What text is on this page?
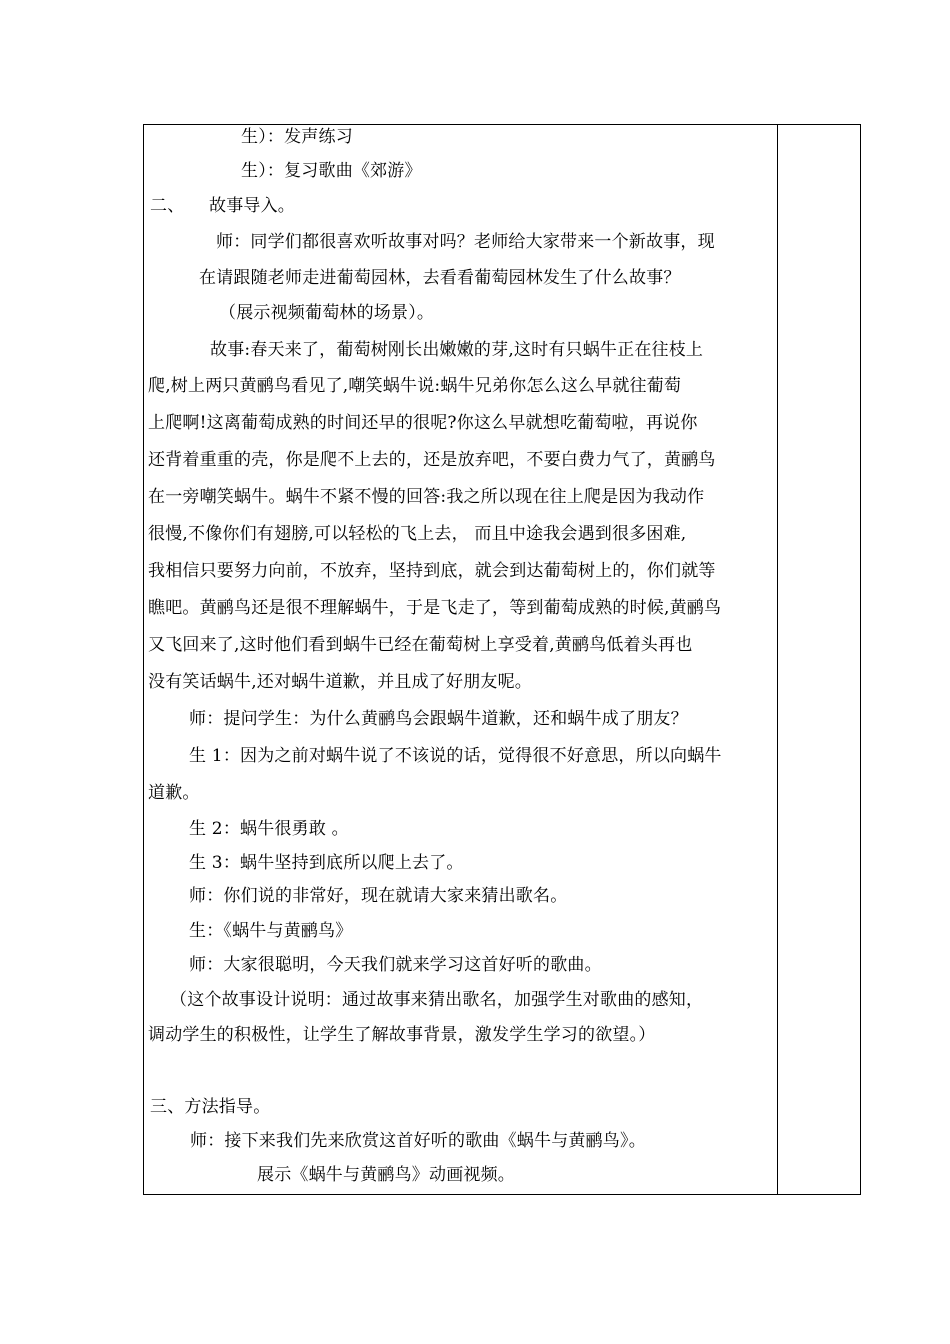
生）：发声练习
生）：复习歌曲《郊游》
二、 故事导入。
师：同学们都很喜欢听故事对吗？老师给大家带来一个新故事，现
在请跟随老师走进葡萄园林，去看看葡萄园林发生了什么故事？
（展示视频葡萄林的场景）。
故事:春天来了，葡萄树刚长出嫩嫩的芽,这时有只蜗牛正在往枝上
爬,树上两只黄鹂鸟看见了,嘲笑蜗牛说:蜗牛兄弟你怎么这么早就往葡萄
上爬啊!这离葡萄成熟的时间还早的很呢?你这么早就想吃葡萄啦，再说你
还背着重重的壳，你是爬不上去的，还是放弃吧，不要白费力气了，黄鹂鸟
在一旁嘲笑蜗牛。蜗牛不紧不慢的回答:我之所以现在往上爬是因为我动作
很慢,不像你们有翅膀,可以轻松的飞上去， 而且中途我会遇到很多困难,
我相信只要努力向前，不放弃，坚持到底，就会到达葡萄树上的，你们就等
瞧吧。黄鹂鸟还是很不理解蜗牛，于是飞走了，等到葡萄成熟的时候,黄鹂鸟
又飞回来了,这时他们看到蜗牛已经在葡萄树上享受着,黄鹂鸟低着头再也
没有笑话蜗牛,还对蜗牛道歉，并且成了好朋友呢。
师：提问学生：为什么黄鹂鸟会跟蜗牛道歉，还和蜗牛成了朋友？
生 1：因为之前对蜗牛说了不该说的话，觉得很不好意思，所以向蜗牛
道歉。
生 2：蜗牛很勇敢 。
生 3：蜗牛坚持到底所以爬上去了。
师：你们说的非常好，现在就请大家来猜出歌名。
生：《蜗牛与黄鹂鸟》
师：大家很聪明，今天我们就来学习这首好听的歌曲。
（这个故事设计说明：通过故事来猜出歌名，加强学生对歌曲的感知，
调动学生的积极性，让学生了解故事背景，激发学生学习的欲望。）
三、方法指导。
师：接下来我们先来欣赏这首好听的歌曲《蜗牛与黄鹂鸟》。
展示《蜗牛与黄鹂鸟》动画视频。
